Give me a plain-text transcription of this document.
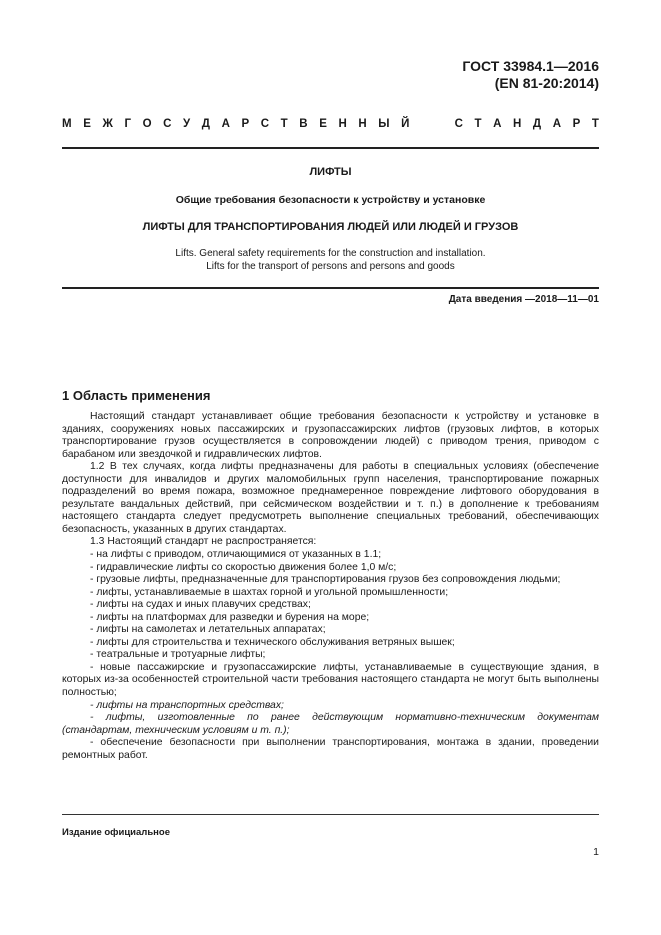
ГОСТ 33984.1—2016
(EN 81-20:2014)
М Е Ж Г О С У Д А Р С Т В Е Н Н Ы Й	С Т А Н Д А Р Т
ЛИФТЫ
Общие требования безопасности к устройству и установке
ЛИФТЫ ДЛЯ ТРАНСПОРТИРОВАНИЯ ЛЮДЕЙ ИЛИ ЛЮДЕЙ И ГРУЗОВ
Lifts. General safety requirements for the construction and installation.
Lifts for the transport of persons and persons and goods
Дата введения —2018—11—01
1 Область применения

Настоящий стандарт устанавливает общие требования безопасности к устройству и установке в зданиях, сооружениях новых пассажирских и грузопассажирских лифтов (грузовых лифтов, в которых транспортирование грузов осуществляется в сопровождении людей) с приводом трения, приводом с барабаном или звездочкой и гидравлических лифтов.

1.2 В тех случаях, когда лифты предназначены для работы в специальных условиях (обеспечение доступности для инвалидов и других маломобильных групп населения, транспортирование пожарных подразделений во время пожара, возможное преднамеренное повреждение лифтового оборудования в результате вандальных действий, при сейсмическом воздействии и т. п.) в дополнение к требованиям настоящего стандарта следует предусмотреть выполнение специальных требований, обеспечивающих безопасность, указанных в других стандартах.

1.3 Настоящий стандарт не распространяется:

- на лифты с приводом, отличающимися от указанных в 1.1;

- гидравлические лифты со скоростью движения более 1,0 м/с;

- грузовые лифты, предназначенные для транспортирования грузов без сопровождения людьми;

- лифты, устанавливаемые в шахтах горной и угольной промышленности;

- лифты на судах и иных плавучих средствах;

- лифты на платформах для разведки и бурения на море;

- лифты на самолетах и летательных аппаратах;

- лифты для строительства и технического обслуживания ветряных вышек;

- театральные и тротуарные лифты;

- новые пассажирские и грузопассажирские лифты, устанавливаемые в существующие здания, в которых из-за особенностей строительной части требования настоящего стандарта не могут быть выполнены полностью;

- лифты на транспортных средствах;

- лифты, изготовленные по ранее действующим нормативно-техническим документам (стандартам, техническим условиям и т. п.);

- обеспечение безопасности при выполнении транспортирования, монтажа в здании, проведении ремонтных работ.

Издание официальное
1
